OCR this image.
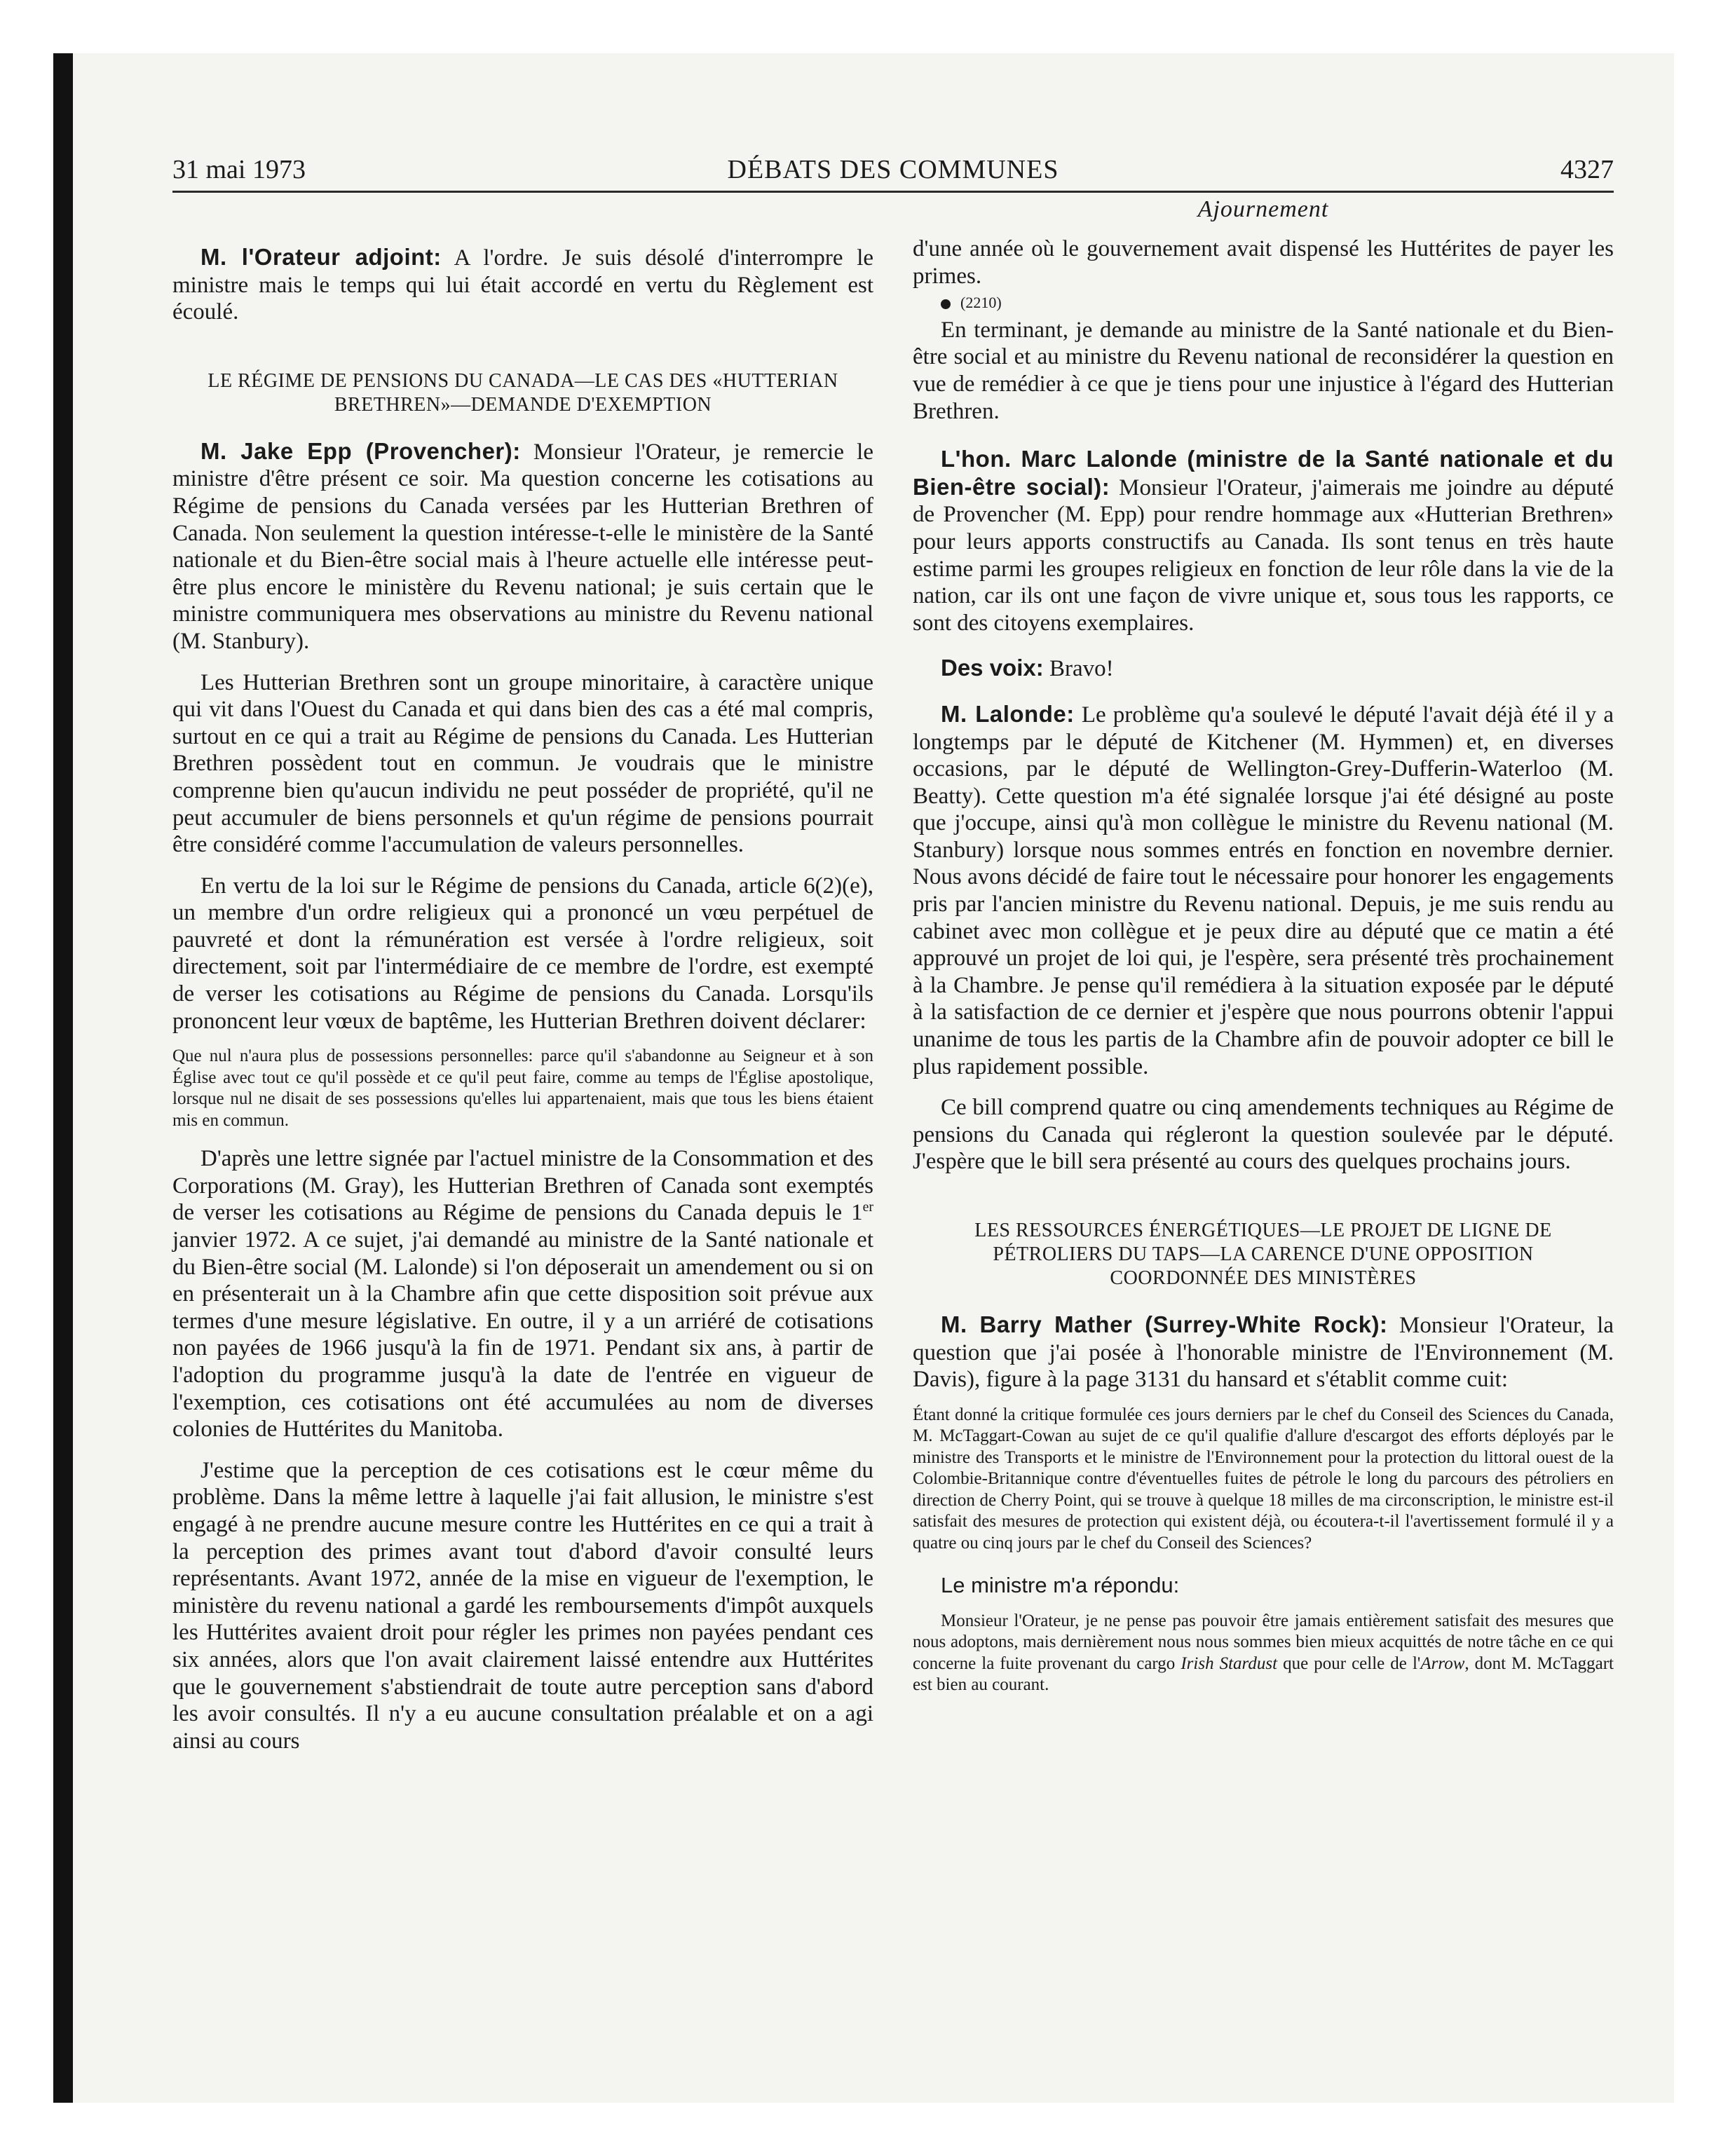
31 mai 1973	DÉBATS DES COMMUNES	4327

M. l'Orateur adjoint: A l'ordre. Je suis désolé d'interrompre le ministre mais le temps qui lui était accordé en vertu du Règlement est écoulé.

LE RÉGIME DE PENSIONS DU CANADA—LE CAS DES «HUTTERIAN BRETHREN»—DEMANDE D'EXEMPTION

M. Jake Epp (Provencher): Monsieur l'Orateur, je remercie le ministre d'être présent ce soir. Ma question concerne les cotisations au Régime de pensions du Canada versées par les Hutterian Brethren of Canada. Non seulement la question intéresse-t-elle le ministère de la Santé nationale et du Bien-être social mais à l'heure actuelle elle intéresse peut-être plus encore le ministère du Revenu national; je suis certain que le ministre communiquera mes observations au ministre du Revenu national (M. Stanbury).

Les Hutterian Brethren sont un groupe minoritaire, à caractère unique qui vit dans l'Ouest du Canada et qui dans bien des cas a été mal compris, surtout en ce qui a trait au Régime de pensions du Canada. Les Hutterian Brethren possèdent tout en commun. Je voudrais que le ministre comprenne bien qu'aucun individu ne peut posséder de propriété, qu'il ne peut accumuler de biens personnels et qu'un régime de pensions pourrait être considéré comme l'accumulation de valeurs personnelles.

En vertu de la loi sur le Régime de pensions du Canada, article 6(2)(e), un membre d'un ordre religieux qui a prononcé un vœu perpétuel de pauvreté et dont la rémunération est versée à l'ordre religieux, soit directement, soit par l'intermédiaire de ce membre de l'ordre, est exempté de verser les cotisations au Régime de pensions du Canada. Lorsqu'ils prononcent leur vœux de baptême, les Hutterian Brethren doivent déclarer:

Que nul n'aura plus de possessions personnelles: parce qu'il s'abandonne au Seigneur et à son Église avec tout ce qu'il possède et ce qu'il peut faire, comme au temps de l'Église apostolique, lorsque nul ne disait de ses possessions qu'elles lui appartenaient, mais que tous les biens étaient mis en commun.

D'après une lettre signée par l'actuel ministre de la Consommation et des Corporations (M. Gray), les Hutterian Brethren of Canada sont exemptés de verser les cotisations au Régime de pensions du Canada depuis le 1er janvier 1972. A ce sujet, j'ai demandé au ministre de la Santé nationale et du Bien-être social (M. Lalonde) si l'on déposerait un amendement ou si on en présenterait un à la Chambre afin que cette disposition soit prévue aux termes d'une mesure législative. En outre, il y a un arriéré de cotisations non payées de 1966 jusqu'à la fin de 1971. Pendant six ans, à partir de l'adoption du programme jusqu'à la date de l'entrée en vigueur de l'exemption, ces cotisations ont été accumulées au nom de diverses colonies de Huttérites du Manitoba.

J'estime que la perception de ces cotisations est le cœur même du problème. Dans la même lettre à laquelle j'ai fait allusion, le ministre s'est engagé à ne prendre aucune mesure contre les Huttérites en ce qui a trait à la perception des primes avant tout d'abord d'avoir consulté leurs représentants. Avant 1972, année de la mise en vigueur de l'exemption, le ministère du revenu national a gardé les remboursements d'impôt auxquels les Huttérites avaient droit pour régler les primes non payées pendant ces six années, alors que l'on avait clairement laissé entendre aux Huttérites que le gouvernement s'abstiendrait de toute autre perception sans d'abord les avoir consultés. Il n'y a eu aucune consultation préalable et on a agi ainsi au cours

Ajournement

d'une année où le gouvernement avait dispensé les Huttérites de payer les primes.

(2210)

En terminant, je demande au ministre de la Santé nationale et du Bien-être social et au ministre du Revenu national de reconsidérer la question en vue de remédier à ce que je tiens pour une injustice à l'égard des Hutterian Brethren.

L'hon. Marc Lalonde (ministre de la Santé nationale et du Bien-être social): Monsieur l'Orateur, j'aimerais me joindre au député de Provencher (M. Epp) pour rendre hommage aux «Hutterian Brethren» pour leurs apports constructifs au Canada. Ils sont tenus en très haute estime parmi les groupes religieux en fonction de leur rôle dans la vie de la nation, car ils ont une façon de vivre unique et, sous tous les rapports, ce sont des citoyens exemplaires.

Des voix: Bravo!

M. Lalonde: Le problème qu'a soulevé le député l'avait déjà été il y a longtemps par le député de Kitchener (M. Hymmen) et, en diverses occasions, par le député de Wellington-Grey-Dufferin-Waterloo (M. Beatty). Cette question m'a été signalée lorsque j'ai été désigné au poste que j'occupe, ainsi qu'à mon collègue le ministre du Revenu national (M. Stanbury) lorsque nous sommes entrés en fonction en novembre dernier. Nous avons décidé de faire tout le nécessaire pour honorer les engagements pris par l'ancien ministre du Revenu national. Depuis, je me suis rendu au cabinet avec mon collègue et je peux dire au député que ce matin a été approuvé un projet de loi qui, je l'espère, sera présenté très prochainement à la Chambre. Je pense qu'il remédiera à la situation exposée par le député à la satisfaction de ce dernier et j'espère que nous pourrons obtenir l'appui unanime de tous les partis de la Chambre afin de pouvoir adopter ce bill le plus rapidement possible.

Ce bill comprend quatre ou cinq amendements techniques au Régime de pensions du Canada qui régleront la question soulevée par le député. J'espère que le bill sera présenté au cours des quelques prochains jours.

LES RESSOURCES ÉNERGÉTIQUES—LE PROJET DE LIGNE DE PÉTROLIERS DU TAPS—LA CARENCE D'UNE OPPOSITION COORDONNÉE DES MINISTÈRES

M. Barry Mather (Surrey-White Rock): Monsieur l'Orateur, la question que j'ai posée à l'honorable ministre de l'Environnement (M. Davis), figure à la page 3131 du hansard et s'établit comme cuit:

Étant donné la critique formulée ces jours derniers par le chef du Conseil des Sciences du Canada, M. McTaggart-Cowan au sujet de ce qu'il qualifie d'allure d'escargot des efforts déployés par le ministre des Transports et le ministre de l'Environnement pour la protection du littoral ouest de la Colombie-Britannique contre d'éventuelles fuites de pétrole le long du parcours des pétroliers en direction de Cherry Point, qui se trouve à quelque 18 milles de ma circonscription, le ministre est-il satisfait des mesures de protection qui existent déjà, ou écoutera-t-il l'avertissement formulé il y a quatre ou cinq jours par le chef du Conseil des Sciences?

Le ministre m'a répondu:

Monsieur l'Orateur, je ne pense pas pouvoir être jamais entièrement satisfait des mesures que nous adoptons, mais dernièrement nous nous sommes bien mieux acquittés de notre tâche en ce qui concerne la fuite provenant du cargo Irish Stardust que pour celle de l'Arrow, dont M. McTaggart est bien au courant.
